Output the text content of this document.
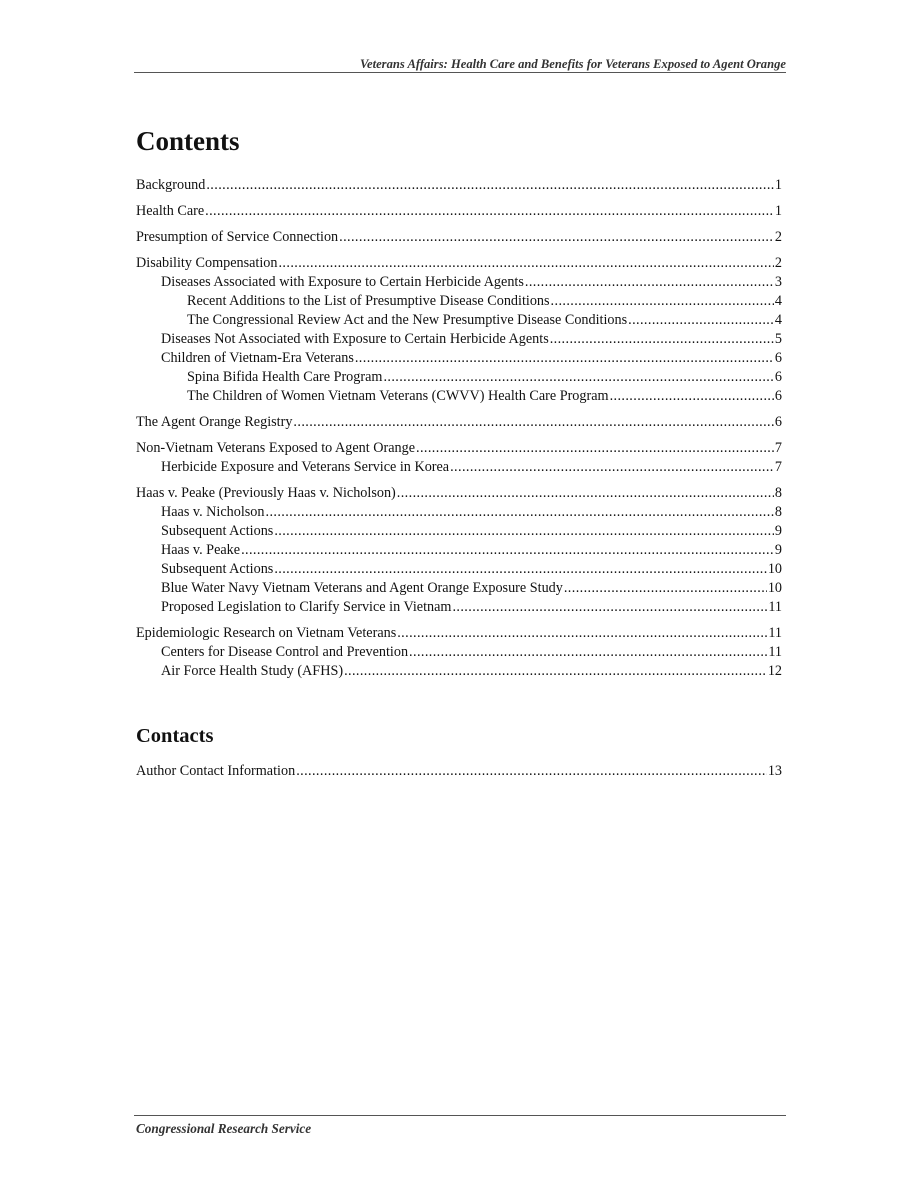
Veterans Affairs: Health Care and Benefits for Veterans Exposed to Agent Orange
Contents
Background .....	1
Health Care .....	1
Presumption of Service Connection .....	2
Disability Compensation .....	2
Diseases Associated with Exposure to Certain Herbicide Agents .....	3
Recent Additions to the List of Presumptive Disease Conditions .....	4
The Congressional Review Act and the New Presumptive Disease Conditions .....	4
Diseases Not Associated with Exposure to Certain Herbicide Agents .....	5
Children of Vietnam-Era Veterans .....	6
Spina Bifida Health Care Program .....	6
The Children of Women Vietnam Veterans (CWVV) Health Care Program .....	6
The Agent Orange Registry .....	6
Non-Vietnam Veterans Exposed to Agent Orange .....	7
Herbicide Exposure and Veterans Service in Korea .....	7
Haas v. Peake (Previously Haas v. Nicholson) .....	8
Haas v. Nicholson .....	8
Subsequent Actions .....	9
Haas v. Peake .....	9
Subsequent Actions .....	10
Blue Water Navy Vietnam Veterans and Agent Orange Exposure Study .....	10
Proposed Legislation to Clarify Service in Vietnam .....	11
Epidemiologic Research on Vietnam Veterans .....	11
Centers for Disease Control and Prevention .....	11
Air Force Health Study (AFHS) .....	12
Contacts
Author Contact Information .....	13
Congressional Research Service
